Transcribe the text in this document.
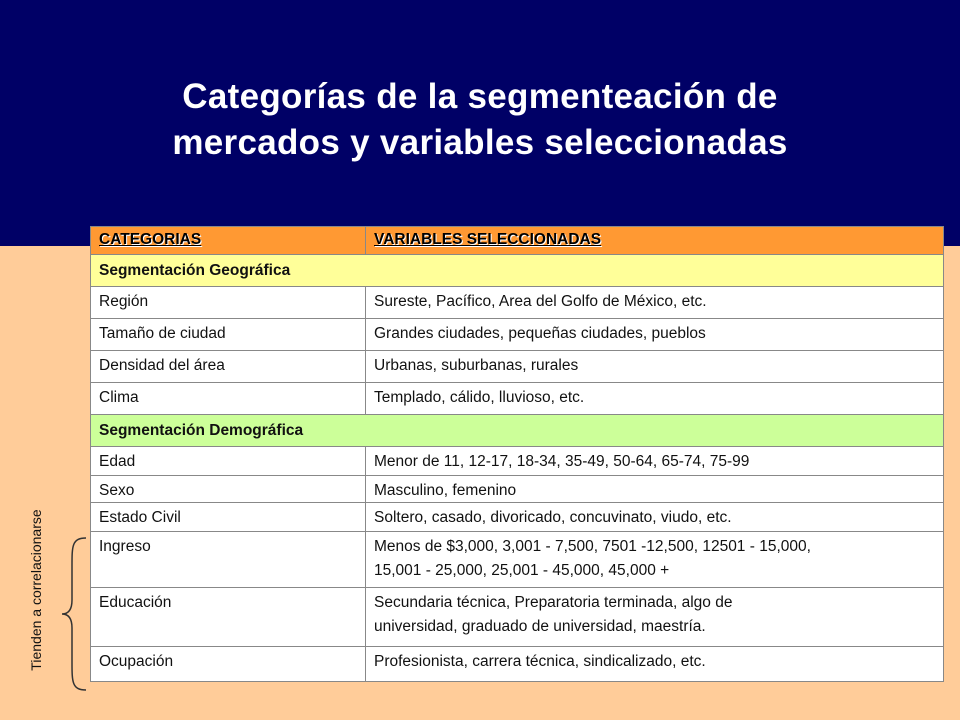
Categorías de la segmenteación de
mercados y variables seleccionadas
CATEGORIAS	VARIABLES SELECCIONADAS
Segmentación Geográfica
Región	Sureste, Pacífico, Area del Golfo de México, etc.
Tamaño de ciudad	Grandes ciudades, pequeñas ciudades, pueblos
Densidad del área	Urbanas, suburbanas, rurales
Clima	Templado, cálido, lluvioso, etc.
Segmentación Demográfica
Edad	Menor de 11, 12-17, 18-34, 35-49, 50-64, 65-74, 75-99
Sexo	Masculino, femenino
Estado Civil	Soltero, casado, divoricado, concuvinato, viudo, etc.
Ingreso	Menos de $3,000, 3,001 - 7,500, 7501 -12,500, 12501 - 15,000,
15,001 - 25,000, 25,001 - 45,000, 45,000 +
Educación	Secundaria técnica, Preparatoria terminada, algo de
universidad, graduado de universidad, maestría.
Ocupación	Profesionista, carrera técnica, sindicalizado, etc.
Tienden a correlacionarse
